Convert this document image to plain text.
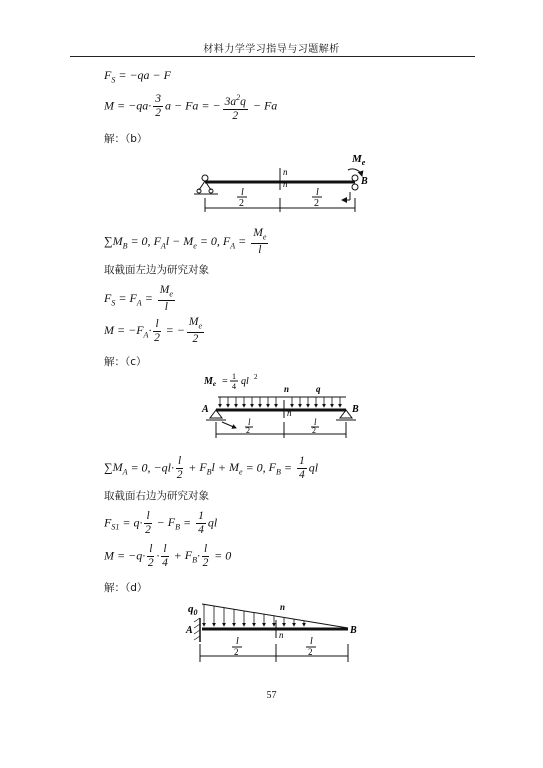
材料力学学习指导与习题解析
$F_S = -qa - F$
$M = -qa\cdot \frac{3}{2}$ a − Fa = − $\frac{3a^2q}{2} - Fa$
解：（b）
$M_e$
B
n
n
l
2
l
2
$\sum M_B = 0$, $F_Al - M_e = 0$, $F_A = \frac{M_e}{l}$
取截面左边为研究对象
$F_S = F_A = \frac{M_e}{l}$
$M = -F_A\cdot \frac{l}{2}$ = − $\frac{M_e}{2}$
解：（c）
$M_e = 1$
4 ql 2
n	q
A	B
n
l
2
l
2
$\sum M_A = 0$, $-ql\cdot \frac{l}{2} + F_Bl + M_e = 0$, $F_B = \frac{1}{4}$ ql
取截面右边为研究对象
$F_{S1} = q\cdot \frac{l}{2} - F_B = \frac{1}{4}$ ql
$M = -q\cdot \frac{l}{2} \cdot \frac{l}{4} + F_B\cdot \frac{l}{2} = 0$
解：（d）
$q_0$
n
A	B
n
l
2
l
2
57
